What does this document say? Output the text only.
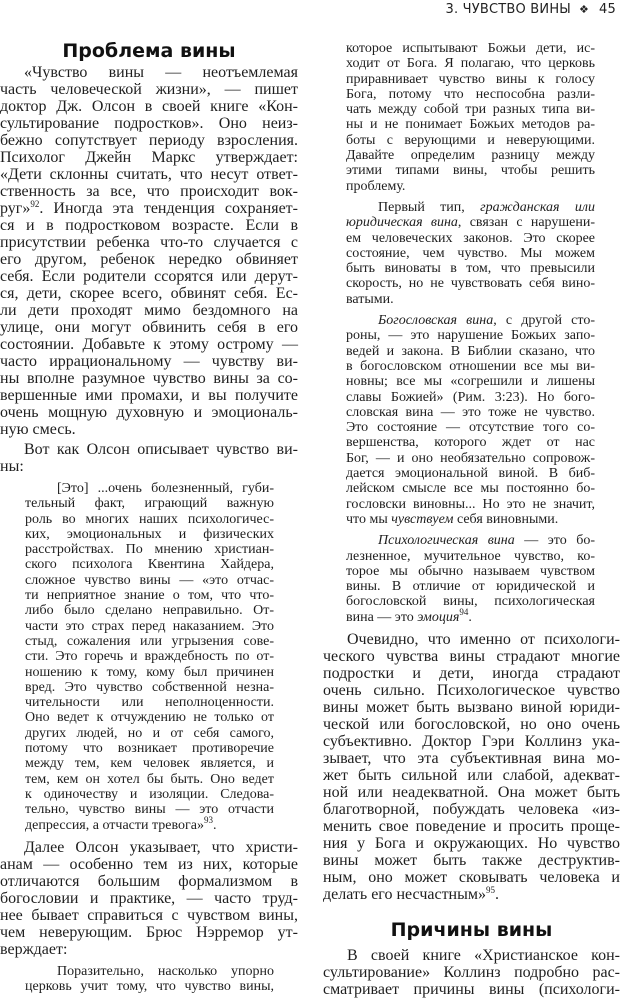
3. ЧУВСТВО ВИНЫ ❖ 45
Проблема вины
«Чувство вины — неотъемлемая
часть человеческой жизни», — пишет
доктор Дж. Олсон в своей книге «Кон-
сультирование подростков». Оно неиз-
бежно сопутствует периоду взросления.
Психолог Джейн Маркс утверждает:
«Дети склонны считать, что несут ответ-
ственность за все, что происходит вок-
руг»$^{92}$. Иногда эта тенденция сохраняет-
ся и в подростковом возрасте. Если в
присутствии ребенка что-то случается с
его другом, ребенок нередко обвиняет
себя. Если родители ссорятся или дерут-
ся, дети, скорее всего, обвинят себя. Ес-
ли дети проходят мимо бездомного на
улице, они могут обвинить себя в его
состоянии. Добавьте к этому острому —
часто иррациональному — чувству ви-
ны вполне разумное чувство вины за со-
вершенные ими промахи, и вы получите
очень мощную духовную и эмоциональ-
ную смесь.
Вот как Олсон описывает чувство ви-
ны:
[Это] ...очень болезненный, губи-
тельный факт, играющий важную
роль во многих наших психологичес-
ких, эмоциональных и физических
расстройствах. По мнению христиан-
ского психолога Квентина Хайдера,
сложное чувство вины — «это отчас-
ти неприятное знание о том, что что-
либо было сделано неправильно. От-
части это страх перед наказанием. Это
стыд, сожаления или угрызения сове-
сти. Это горечь и враждебность по от-
ношению к тому, кому был причинен
вред. Это чувство собственной незна-
чительности или неполноценности.
Оно ведет к отчуждению не только от
других людей, но и от себя самого,
потому что возникает противоречие
между тем, кем человек является, и
тем, кем он хотел бы быть. Оно ведет
к одиночеству и изоляции. Следова-
тельно, чувство вины — это отчасти
депрессия, а отчасти тревога»$^{93}$.
Далее Олсон указывает, что христи-
анам — особенно тем из них, которые
отличаются большим формализмом в
богословии и практике, — часто труд-
нее бывает справиться с чувством вины,
чем неверующим. Брюс Нэрремор ут-
верждает:
Поразительно, насколько упорно
церковь учит тому, что чувство вины,
которое испытывают Божьи дети, ис-
ходит от Бога. Я полагаю, что церковь
приравнивает чувство вины к голосу
Бога, потому что неспособна разли-
чать между собой три разных типа ви-
ны и не понимает Божьих методов ра-
боты с верующими и неверующими.
Давайте определим разницу между
этими типами вины, чтобы решить
проблему.
Первый тип, гражданская или
юридическая вина, связан с нарушени-
ем человеческих законов. Это скорее
состояние, чем чувство. Мы можем
быть виноваты в том, что превысили
скорость, но не чувствовать себя вино-
ватыми.
Богословская вина, с другой сто-
роны, — это нарушение Божьих запо-
ведей и закона. В Библии сказано, что
в богословском отношении все мы ви-
новны; все мы «согрешили и лишены
славы Божией» (Рим. 3:23). Но бого-
словская вина — это тоже не чувство.
Это состояние — отсутствие того со-
вершенства, которого ждет от нас
Бог, — и оно необязательно сопровож-
дается эмоциональной виной. В биб-
лейском смысле все мы постоянно бо-
гословски виновны... Но это не значит,
что мы чувствуем себя виновными.
Психологическая вина — это бо-
лезненное, мучительное чувство, ко-
торое мы обычно называем чувством
вины. В отличие от юридической и
богословской вины, психологическая
вина — это эмоция$^{94}$.
Очевидно, что именно от психологи-
ческого чувства вины страдают многие
подростки и дети, иногда страдают
очень сильно. Психологическое чувство
вины может быть вызвано виной юриди-
ческой или богословской, но оно очень
субъективно. Доктор Гэри Коллинз ука-
зывает, что эта субъективная вина мо-
жет быть сильной или слабой, адекват-
ной или неадекватной. Она может быть
благотворной, побуждать человека «из-
менить свое поведение и просить проще-
ния у Бога и окружающих. Но чувство
вины может быть также деструктив-
ным, оно может сковывать человека и
делать его несчастным»$^{95}$.
Причины вины
В своей книге «Христианское кон-
сультирование» Коллинз подробно рас-
сматривает причины вины (психологи-
